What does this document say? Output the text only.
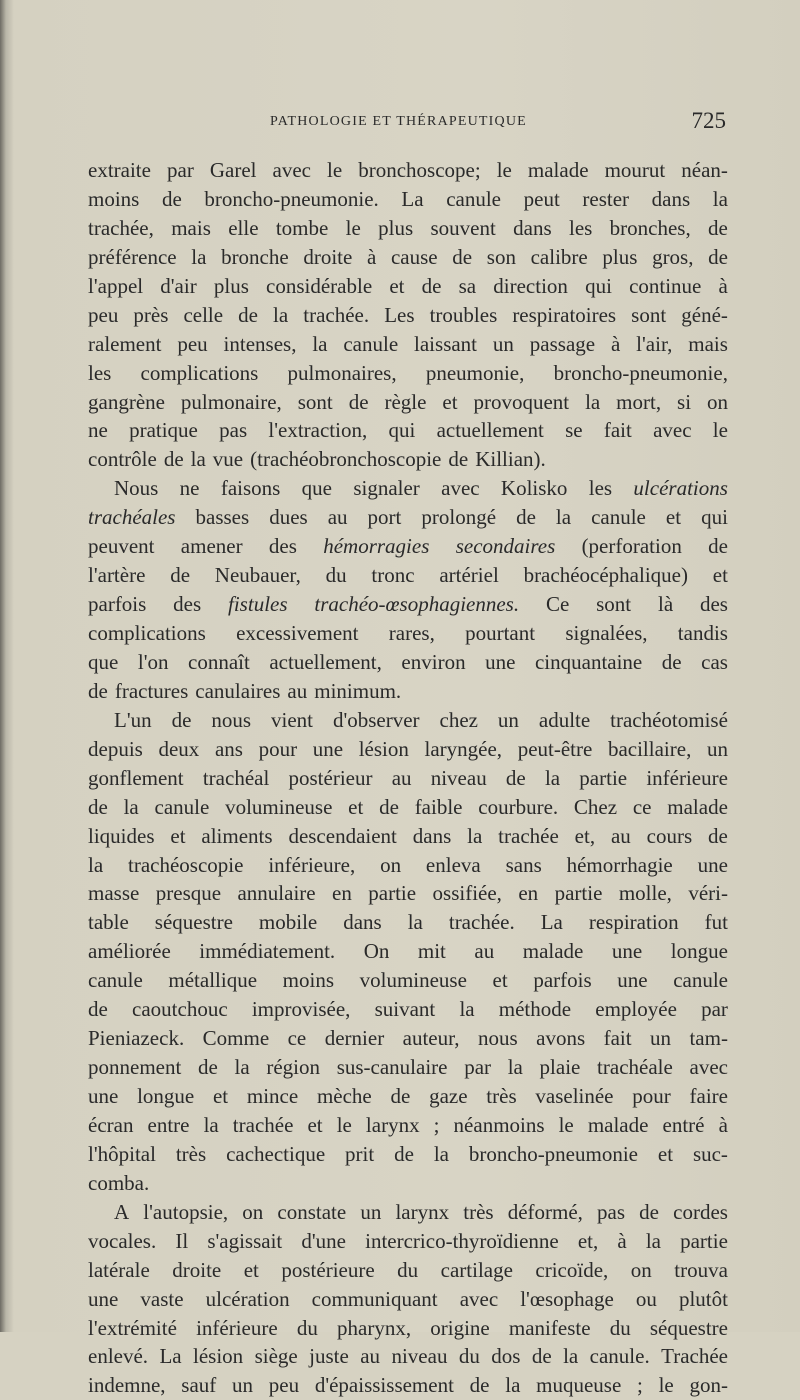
PATHOLOGIE ET THÉRAPEUTIQUE	725
extraite par Garel avec le bronchoscope; le malade mourut néan-
moins de broncho-pneumonie. La canule peut rester dans la
trachée, mais elle tombe le plus souvent dans les bronches, de
préférence la bronche droite à cause de son calibre plus gros, de
l'appel d'air plus considérable et de sa direction qui continue à
peu près celle de la trachée. Les troubles respiratoires sont géné-
ralement peu intenses, la canule laissant un passage à l'air, mais
les complications pulmonaires, pneumonie, broncho-pneumonie,
gangrène pulmonaire, sont de règle et provoquent la mort, si on
ne pratique pas l'extraction, qui actuellement se fait avec le
contrôle de la vue (trachéobronchoscopie de Killian).
Nous ne faisons que signaler avec Kolisko les ulcérations
trachéales basses dues au port prolongé de la canule et qui
peuvent amener des hémorragies secondaires (perforation de
l'artère de Neubauer, du tronc artériel brachéocéphalique) et
parfois des fistules trachéo-œsophagiennes. Ce sont là des
complications excessivement rares, pourtant signalées, tandis
que l'on connaît actuellement, environ une cinquantaine de cas
de fractures canulaires au minimum.
L'un de nous vient d'observer chez un adulte trachéotomisé
depuis deux ans pour une lésion laryngée, peut-être bacillaire, un
gonflement trachéal postérieur au niveau de la partie inférieure
de la canule volumineuse et de faible courbure. Chez ce malade
liquides et aliments descendaient dans la trachée et, au cours de
la trachéoscopie inférieure, on enleva sans hémorrhagie une
masse presque annulaire en partie ossifiée, en partie molle, véri-
table séquestre mobile dans la trachée. La respiration fut
améliorée immédiatement. On mit au malade une longue
canule métallique moins volumineuse et parfois une canule
de caoutchouc improvisée, suivant la méthode employée par
Pieniazeck. Comme ce dernier auteur, nous avons fait un tam-
ponnement de la région sus-canulaire par la plaie trachéale avec
une longue et mince mèche de gaze très vaselinée pour faire
écran entre la trachée et le larynx ; néanmoins le malade entré à
l'hôpital très cachectique prit de la broncho-pneumonie et suc-
comba.
A l'autopsie, on constate un larynx très déformé, pas de cordes
vocales. Il s'agissait d'une intercrico-thyroïdienne et, à la partie
latérale droite et postérieure du cartilage cricoïde, on trouva
une vaste ulcération communiquant avec l'œsophage ou plutôt
l'extrémité inférieure du pharynx, origine manifeste du séquestre
enlevé. La lésion siège juste au niveau du dos de la canule. Trachée
indemne, sauf un peu d'épaississement de la muqueuse ; le gon-
